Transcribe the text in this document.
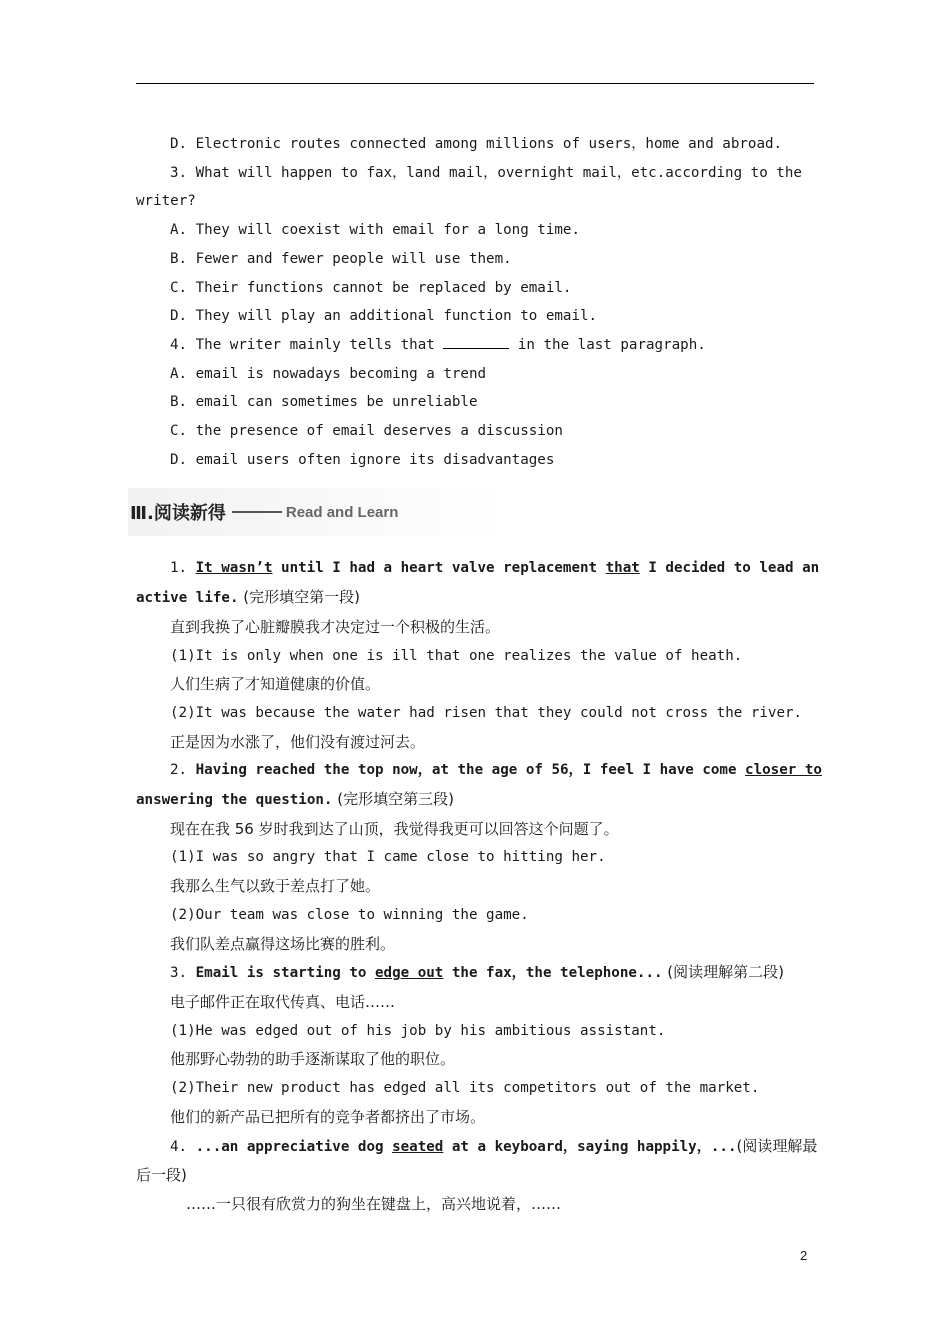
D. Electronic routes connected among millions of users，home and abroad.
3. What will happen to fax，land mail，overnight mail，etc.according to the
writer?
A. They will coexist with email for a long time.
B. Fewer and fewer people will use them.
C. Their functions cannot be replaced by email.
D. They will play an additional function to email.
4. The writer mainly tells that	in the last paragraph.
A. email is nowadays becoming a trend
B. email can sometimes be unreliable
C. the presence of email deserves a discussion
D. email users often ignore its disadvantages
Ⅲ.阅读新得	Read and Learn
1. It wasn’t until I had a heart valve replacement that I decided to lead an
active life. (完形填空第一段)
直到我换了心脏瓣膜我才决定过一个积极的生活。
(1)It is only when one is ill that one realizes the value of heath.
人们生病了才知道健康的价值。
(2)It was because the water had risen that they could not cross the river.
正是因为水涨了，他们没有渡过河去。
2. Having reached the top now，at the age of 56，I feel I have come closer to
answering the question. (完形填空第三段)
现在在我 56 岁时我到达了山顶，我觉得我更可以回答这个问题了。
(1)I was so angry that I came close to hitting her.
我那么生气以致于差点打了她。
(2)Our team was close to winning the game.
我们队差点赢得这场比赛的胜利。
3. Email is starting to edge out the fax，the telephone... (阅读理解第二段)
电子邮件正在取代传真、电话……
(1)He was edged out of his job by his ambitious assistant.
他那野心勃勃的助手逐渐谋取了他的职位。
(2)Their new product has edged all its competitors out of the market.
他们的新产品已把所有的竞争者都挤出了市场。
4. ...an appreciative dog seated at a keyboard，saying happily，...(阅读理解最
后一段)
……一只很有欣赏力的狗坐在键盘上，高兴地说着，……
2
